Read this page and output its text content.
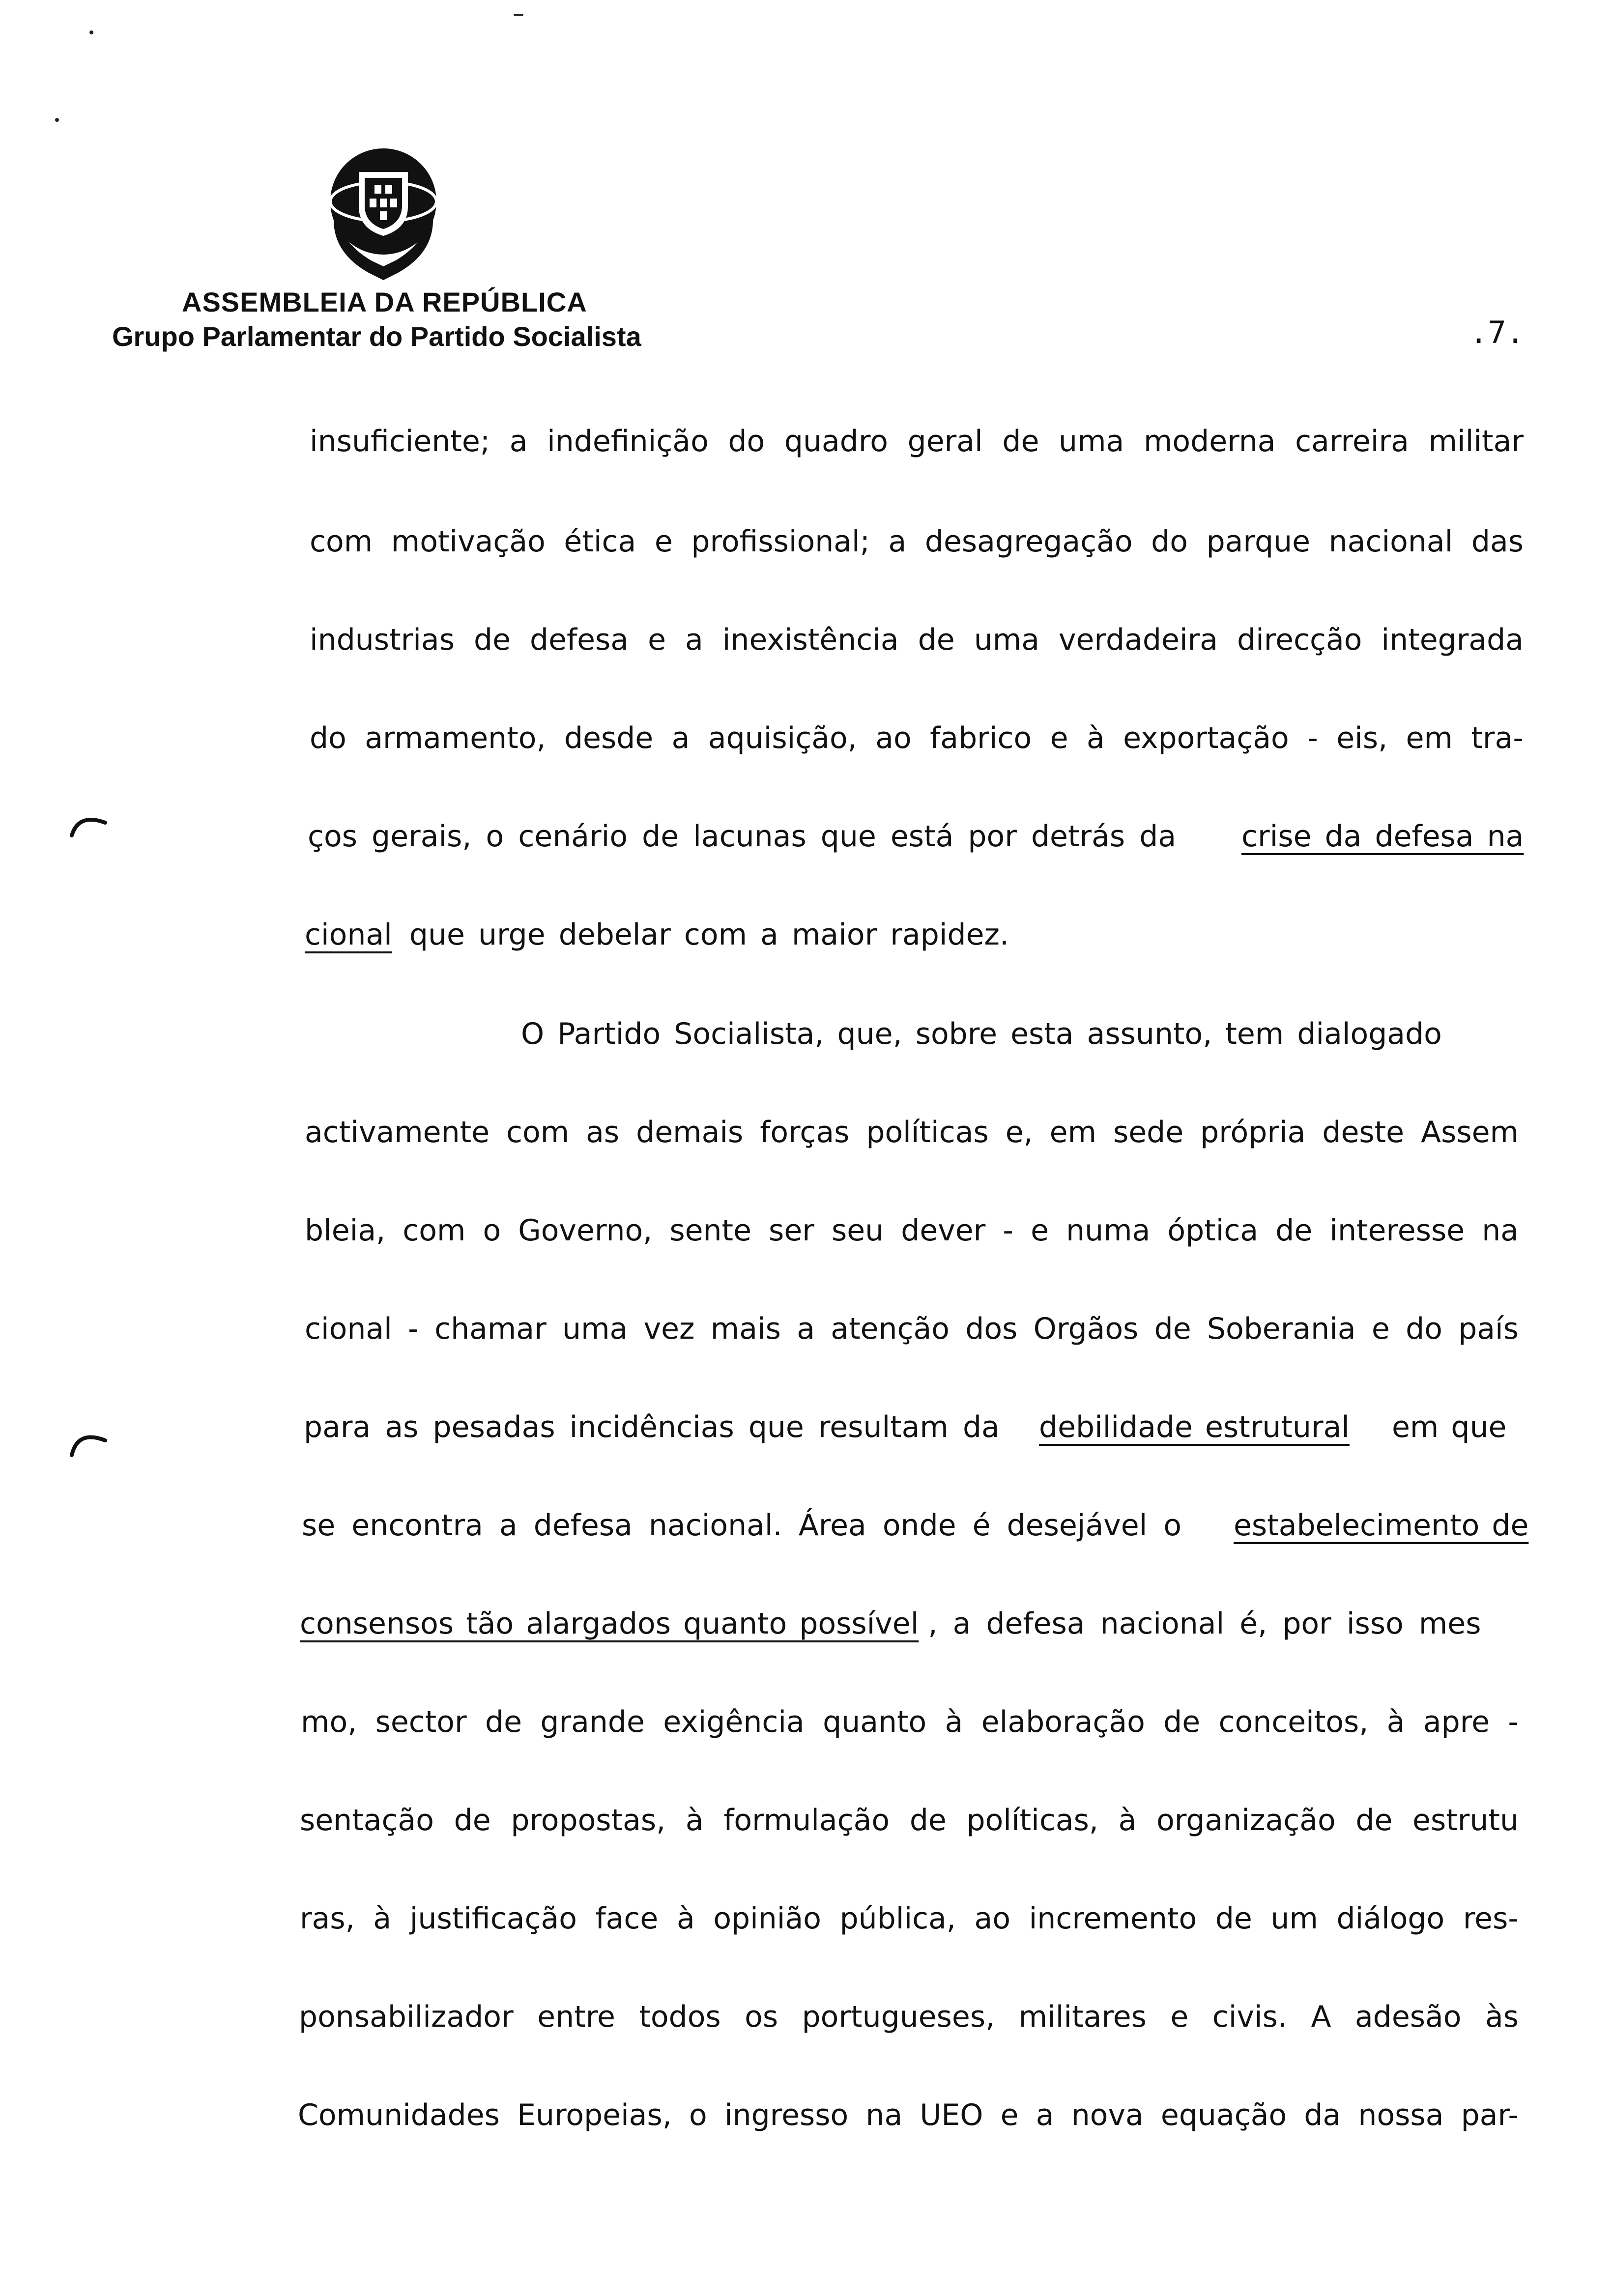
ASSEMBLEIA DA REPÚBLICA
Grupo Parlamentar do Partido Socialista	.7.
insuficiente; a indefinição do quadro geral de uma moderna carreira militar
com motivação ética e profissional; a desagregação do parque nacional das
industrias de defesa e a inexistência de uma verdadeira direcção integrada
do armamento, desde a aquisição, ao fabrico e à exportação - eis, em tra-
ços gerais, o cenário de lacunas que está por detrás da crise da defesa na
cional que urge debelar com a maior rapidez.
O Partido Socialista, que, sobre esta assunto, tem dialogado
activamente com as demais forças políticas e, em sede própria deste Assem
bleia, com o Governo, sente ser seu dever - e numa óptica de interesse na
cional - chamar uma vez mais a atenção dos Orgãos de Soberania e do país
para as pesadas incidências que resultam da debilidade estrutural em que
se encontra a defesa nacional. Área onde é desejável o estabelecimento de
consensos tão alargados quanto possível , a defesa nacional é, por isso mes
mo, sector de grande exigência quanto à elaboração de conceitos, à apre -
sentação de propostas, à formulação de políticas, à organização de estrutu
ras, à justificação face à opinião pública, ao incremento de um diálogo res-
ponsabilizador entre todos os portugueses, militares e civis. A adesão às
Comunidades Europeias, o ingresso na UEO e a nova equação da nossa par-
